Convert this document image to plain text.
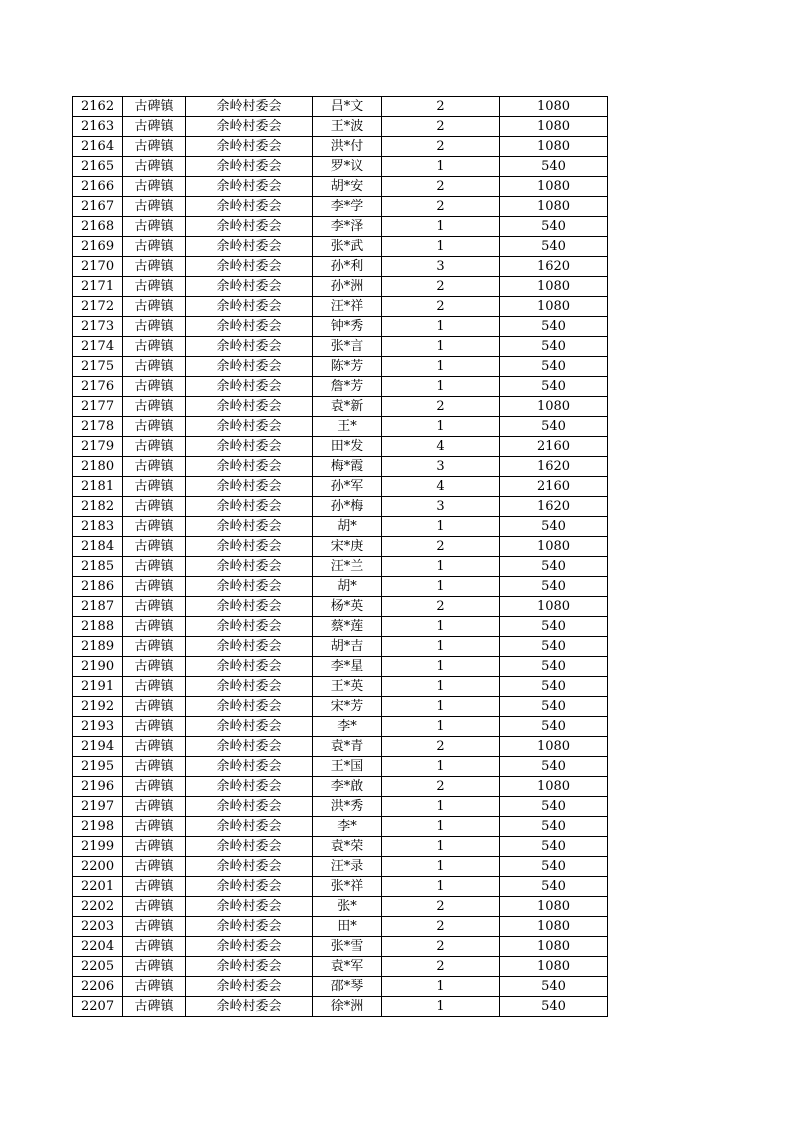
2162	古碑镇	余岭村委会	吕*文	2	1080
2163	古碑镇	余岭村委会	王*波	2	1080
2164	古碑镇	余岭村委会	洪*付	2	1080
2165	古碑镇	余岭村委会	罗*议	1	540
2166	古碑镇	余岭村委会	胡*安	2	1080
2167	古碑镇	余岭村委会	李*学	2	1080
2168	古碑镇	余岭村委会	李*泽	1	540
2169	古碑镇	余岭村委会	张*武	1	540
2170	古碑镇	余岭村委会	孙*利	3	1620
2171	古碑镇	余岭村委会	孙*洲	2	1080
2172	古碑镇	余岭村委会	汪*祥	2	1080
2173	古碑镇	余岭村委会	钟*秀	1	540
2174	古碑镇	余岭村委会	张*言	1	540
2175	古碑镇	余岭村委会	陈*芳	1	540
2176	古碑镇	余岭村委会	詹*芳	1	540
2177	古碑镇	余岭村委会	袁*新	2	1080
2178	古碑镇	余岭村委会	王*	1	540
2179	古碑镇	余岭村委会	田*发	4	2160
2180	古碑镇	余岭村委会	梅*霞	3	1620
2181	古碑镇	余岭村委会	孙*军	4	2160
2182	古碑镇	余岭村委会	孙*梅	3	1620
2183	古碑镇	余岭村委会	胡*	1	540
2184	古碑镇	余岭村委会	宋*庚	2	1080
2185	古碑镇	余岭村委会	汪*兰	1	540
2186	古碑镇	余岭村委会	胡*	1	540
2187	古碑镇	余岭村委会	杨*英	2	1080
2188	古碑镇	余岭村委会	蔡*莲	1	540
2189	古碑镇	余岭村委会	胡*吉	1	540
2190	古碑镇	余岭村委会	李*星	1	540
2191	古碑镇	余岭村委会	王*英	1	540
2192	古碑镇	余岭村委会	宋*芳	1	540
2193	古碑镇	余岭村委会	李*	1	540
2194	古碑镇	余岭村委会	袁*青	2	1080
2195	古碑镇	余岭村委会	王*国	1	540
2196	古碑镇	余岭村委会	李*啟	2	1080
2197	古碑镇	余岭村委会	洪*秀	1	540
2198	古碑镇	余岭村委会	李*	1	540
2199	古碑镇	余岭村委会	袁*荣	1	540
2200	古碑镇	余岭村委会	汪*录	1	540
2201	古碑镇	余岭村委会	张*祥	1	540
2202	古碑镇	余岭村委会	张*	2	1080
2203	古碑镇	余岭村委会	田*	2	1080
2204	古碑镇	余岭村委会	张*雪	2	1080
2205	古碑镇	余岭村委会	袁*军	2	1080
2206	古碑镇	余岭村委会	邵*琴	1	540
2207	古碑镇	余岭村委会	徐*洲	1	540
